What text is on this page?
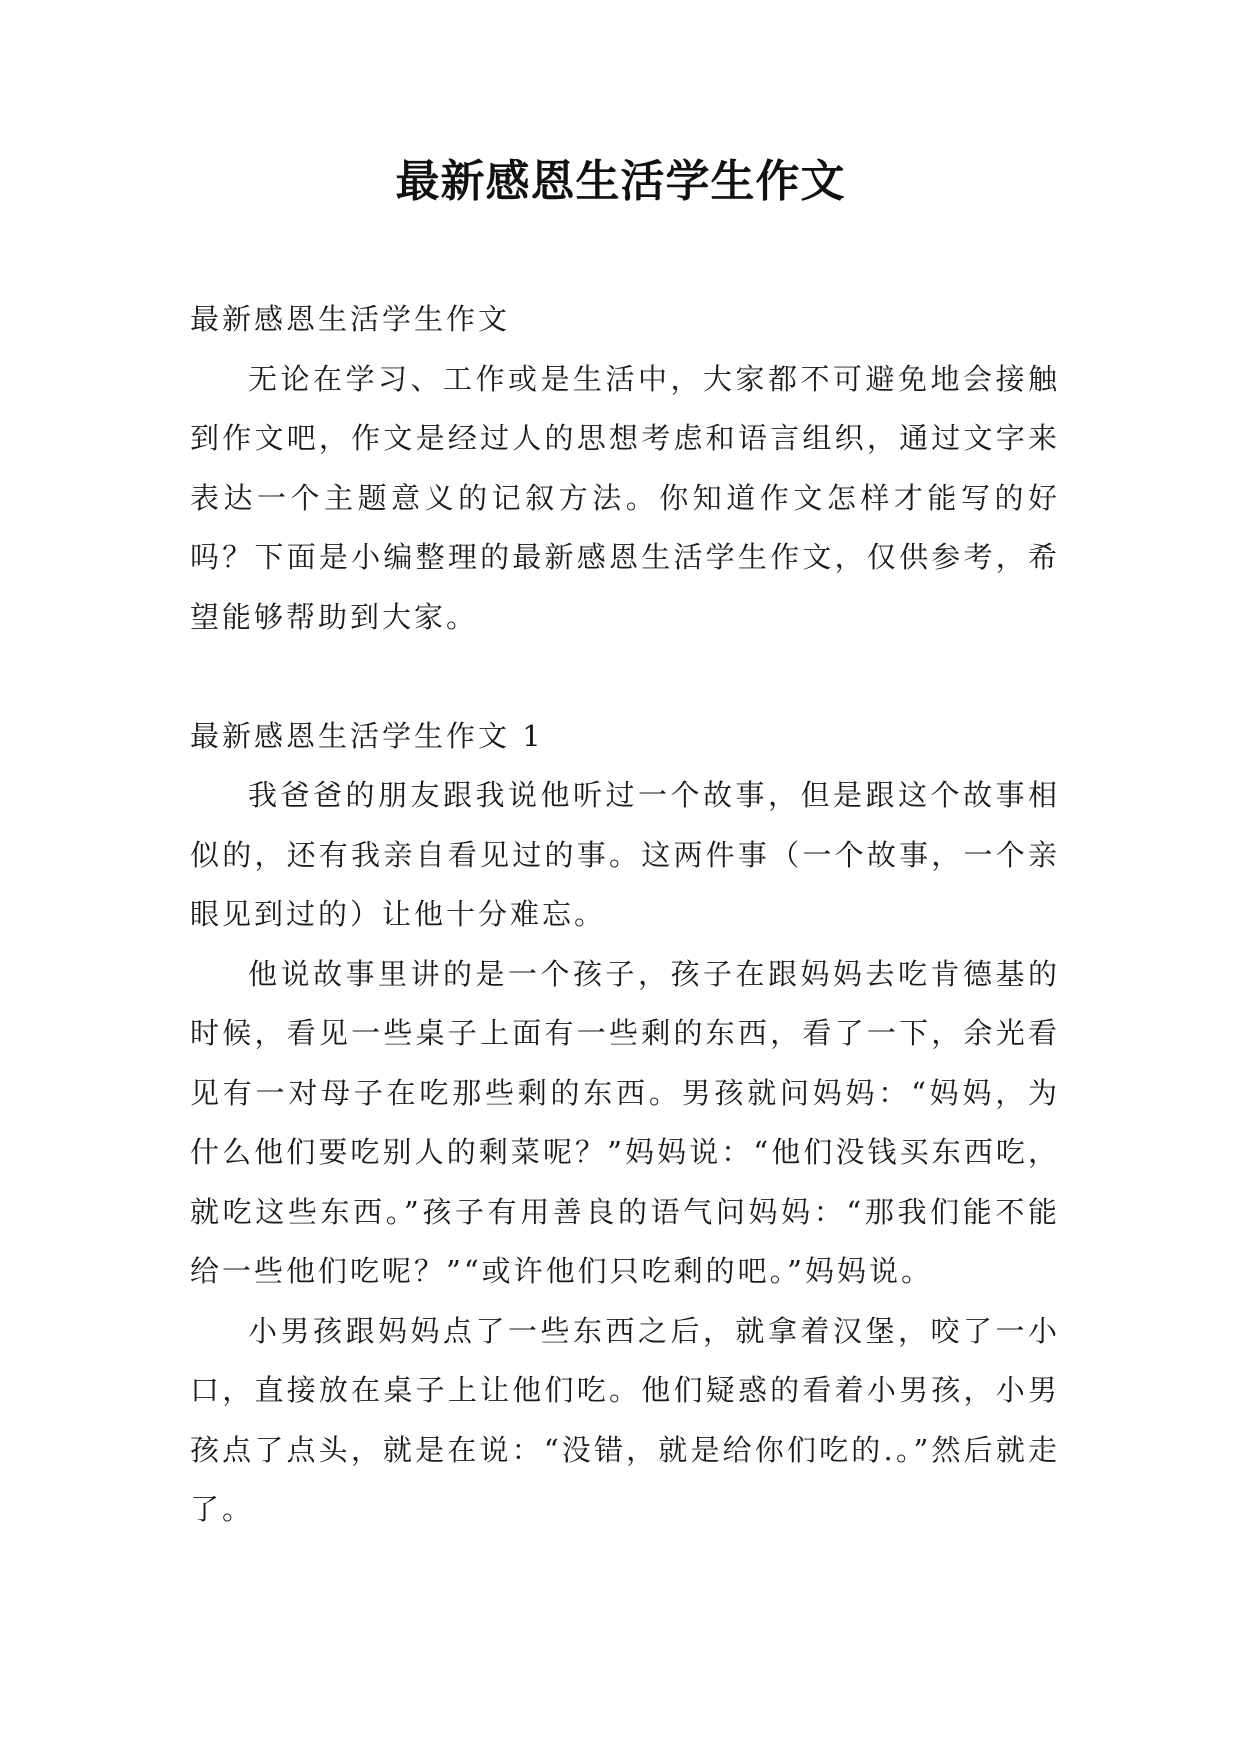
最新感恩生活学生作文

最新感恩生活学生作文

无论在学习、工作或是生活中，大家都不可避免地会接触到作文吧，作文是经过人的思想考虑和语言组织，通过文字来表达一个主题意义的记叙方法。你知道作文怎样才能写的好吗？下面是小编整理的最新感恩生活学生作文，仅供参考，希望能够帮助到大家。

最新感恩生活学生作文 1

我爸爸的朋友跟我说他听过一个故事，但是跟这个故事相似的，还有我亲自看见过的事。这两件事（一个故事，一个亲眼见到过的）让他十分难忘。

他说故事里讲的是一个孩子，孩子在跟妈妈去吃肯德基的时候，看见一些桌子上面有一些剩的东西，看了一下，余光看见有一对母子在吃那些剩的东西。男孩就问妈妈：“妈妈，为什么他们要吃别人的剩菜呢？”妈妈说：“他们没钱买东西吃，就吃这些东西。”孩子有用善良的语气问妈妈：“那我们能不能给一些他们吃呢？”“或许他们只吃剩的吧。”妈妈说。

小男孩跟妈妈点了一些东西之后，就拿着汉堡，咬了一小口，直接放在桌子上让他们吃。他们疑惑的看着小男孩，小男孩点了点头，就是在说：“没错，就是给你们吃的.。”然后就走了。
